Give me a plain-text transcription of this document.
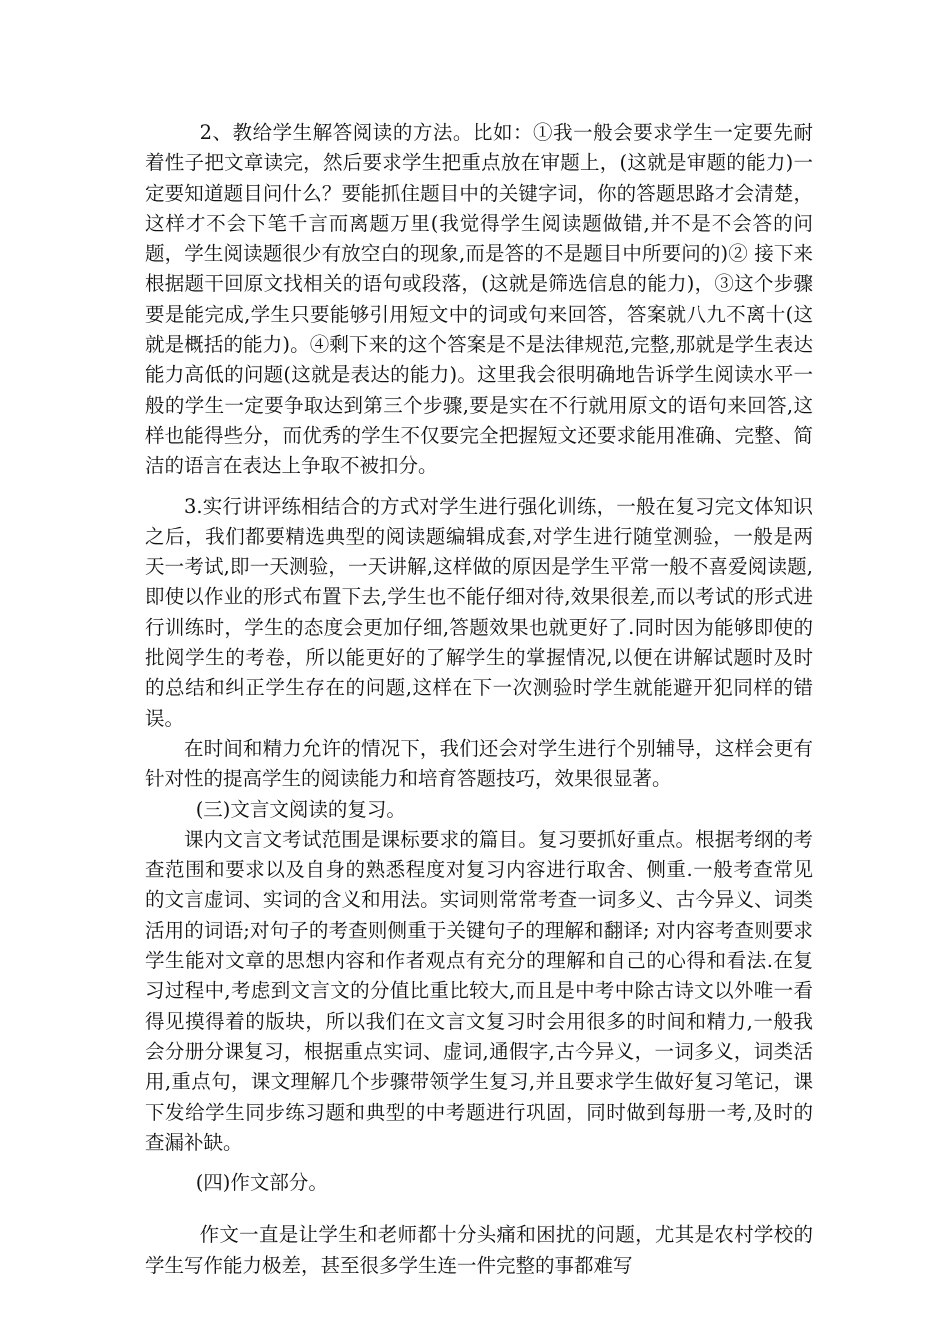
2、教给学生解答阅读的方法。比如：①我一般会要求学生一定要先耐着性子把文章读完，然后要求学生把重点放在审题上，(这就是审题的能力)一定要知道题目问什么？要能抓住题目中的关键字词，你的答题思路才会清楚，这样才不会下笔千言而离题万里(我觉得学生阅读题做错,并不是不会答的问题，学生阅读题很少有放空白的现象,而是答的不是题目中所要问的)② 接下来根据题干回原文找相关的语句或段落，(这就是筛选信息的能力)，③这个步骤要是能完成,学生只要能够引用短文中的词或句来回答，答案就八九不离十(这就是概括的能力)。④剩下来的这个答案是不是法律规范,完整,那就是学生表达能力高低的问题(这就是表达的能力)。这里我会很明确地告诉学生阅读水平一般的学生一定要争取达到第三个步骤,要是实在不行就用原文的语句来回答,这样也能得些分，而优秀的学生不仅要完全把握短文还要求能用准确、完整、简洁的语言在表达上争取不被扣分。

3.实行讲评练相结合的方式对学生进行强化训练，一般在复习完文体知识之后，我们都要精选典型的阅读题编辑成套,对学生进行随堂测验，一般是两天一考试,即一天测验，一天讲解,这样做的原因是学生平常一般不喜爱阅读题,即使以作业的形式布置下去,学生也不能仔细对待,效果很差,而以考试的形式进行训练时，学生的态度会更加仔细,答题效果也就更好了.同时因为能够即使的批阅学生的考卷，所以能更好的了解学生的掌握情况,以便在讲解试题时及时的总结和纠正学生存在的问题,这样在下一次测验时学生就能避开犯同样的错误。

在时间和精力允许的情况下，我们还会对学生进行个别辅导，这样会更有针对性的提高学生的阅读能力和培育答题技巧，效果很显著。

(三)文言文阅读的复习。

课内文言文考试范围是课标要求的篇目。复习要抓好重点。根据考纲的考查范围和要求以及自身的熟悉程度对复习内容进行取舍、侧重.一般考查常见的文言虚词、实词的含义和用法。实词则常常考查一词多义、古今异义、词类活用的词语;对句子的考查则侧重于关键句子的理解和翻译; 对内容考查则要求学生能对文章的思想内容和作者观点有充分的理解和自己的心得和看法.在复习过程中,考虑到文言文的分值比重比较大,而且是中考中除古诗文以外唯一看得见摸得着的版块，所以我们在文言文复习时会用很多的时间和精力,一般我会分册分课复习，根据重点实词、虚词,通假字,古今异义，一词多义，词类活用,重点句，课文理解几个步骤带领学生复习,并且要求学生做好复习笔记，课下发给学生同步练习题和典型的中考题进行巩固，同时做到每册一考,及时的查漏补缺。

(四)作文部分。

作文一直是让学生和老师都十分头痛和困扰的问题，尤其是农村学校的学生写作能力极差，甚至很多学生连一件完整的事都难写
